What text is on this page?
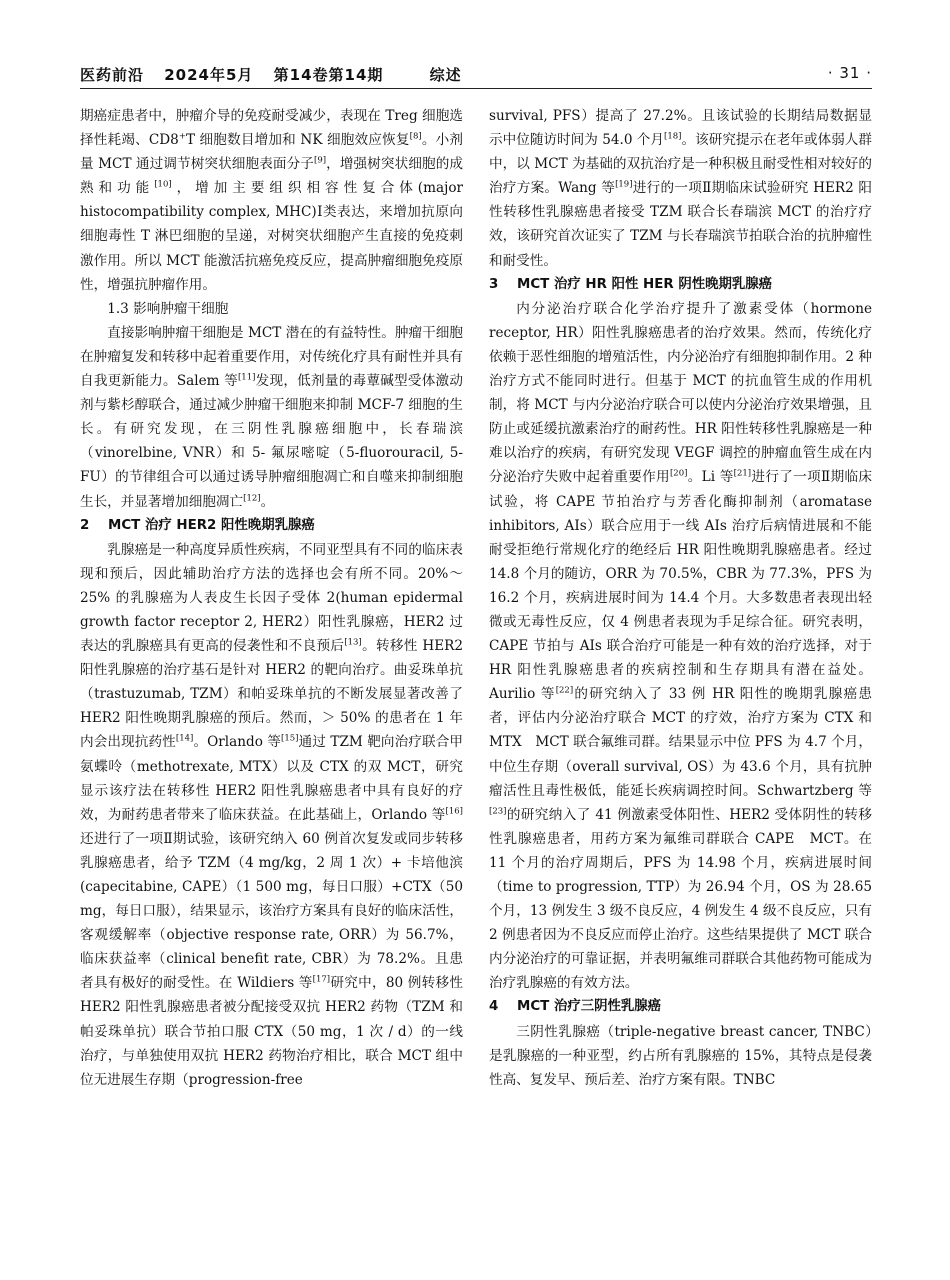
医药前沿 2024年5月 第14卷第14期	综述	· 31 ·

期癌症患者中，肿瘤介导的免疫耐受减少，表现在 Treg 细胞选择性耗竭、CD8+T 细胞数目增加和 NK 细胞效应恢复[8]。小剂量 MCT 通过调节树突状细胞表面分子[9]，增强树突状细胞的成熟和功能[10]，增加主要组织相容性复合体(major histocompatibility complex, MHC)Ⅰ类表达，来增加抗原向细胞毒性 T 淋巴细胞的呈递，对树突状细胞产生直接的免疫刺激作用。所以 MCT 能激活抗癌免疫反应，提高肿瘤细胞免疫原性，增强抗肿瘤作用。

1.3 影响肿瘤干细胞

直接影响肿瘤干细胞是 MCT 潜在的有益特性。肿瘤干细胞在肿瘤复发和转移中起着重要作用，对传统化疗具有耐性并具有自我更新能力。Salem 等[11]发现，低剂量的毒蕈碱型受体激动剂与紫杉醇联合，通过减少肿瘤干细胞来抑制 MCF-7 细胞的生长。有研究发现，在三阴性乳腺癌细胞中，长春瑞滨（vinorelbine, VNR）和 5- 氟尿嘧啶（5-fluorouracil, 5-FU）的节律组合可以通过诱导肿瘤细胞凋亡和自噬来抑制细胞生长，并显著增加细胞凋亡[12]。

2 MCT 治疗 HER2 阳性晚期乳腺癌

乳腺癌是一种高度异质性疾病，不同亚型具有不同的临床表现和预后，因此辅助治疗方法的选择也会有所不同。20%～25% 的乳腺癌为人表皮生长因子受体 2(human epidermal growth factor receptor 2, HER2）阳性乳腺癌，HER2 过表达的乳腺癌具有更高的侵袭性和不良预后[13]。转移性 HER2 阳性乳腺癌的治疗基石是针对 HER2 的靶向治疗。曲妥珠单抗（trastuzumab, TZM）和帕妥珠单抗的不断发展显著改善了 HER2 阳性晚期乳腺癌的预后。然而，＞ 50% 的患者在 1 年内会出现抗药性[14]。Orlando 等[15]通过 TZM 靶向治疗联合甲氨蝶呤（methotrexate, MTX）以及 CTX 的双 MCT，研究显示该疗法在转移性 HER2 阳性乳腺癌患者中具有良好的疗效，为耐药患者带来了临床获益。在此基础上，Orlando 等[16]还进行了一项Ⅱ期试验，该研究纳入 60 例首次复发或同步转移乳腺癌患者，给予 TZM（4 mg/kg，2 周 1 次）+ 卡培他滨(capecitabine, CAPE）（1 500 mg，每日口服）+CTX（50 mg，每日口服），结果显示，该治疗方案具有良好的临床活性，客观缓解率（objective response rate, ORR）为 56.7%，临床获益率（clinical benefit rate, CBR）为 78.2%。且患者具有极好的耐受性。在 Wildiers 等[17]研究中，80 例转移性 HER2 阳性乳腺癌患者被分配接受双抗 HER2 药物（TZM 和帕妥珠单抗）联合节拍口服 CTX（50 mg，1 次 / d）的一线治疗，与单独使用双抗 HER2 药物治疗相比，联合 MCT 组中位无进展生存期（progression-free

survival, PFS）提高了 27.2%。且该试验的长期结局数据显示中位随访时间为 54.0 个月[18]。该研究提示在老年或体弱人群中，以 MCT 为基础的双抗治疗是一种积极且耐受性相对较好的治疗方案。Wang 等[19]进行的一项Ⅱ期临床试验研究 HER2 阳性转移性乳腺癌患者接受 TZM 联合长春瑞滨 MCT 的治疗疗效，该研究首次证实了 TZM 与长春瑞滨节拍联合治的抗肿瘤性和耐受性。

3 MCT 治疗 HR 阳性 HER 阴性晚期乳腺癌

内分泌治疗联合化学治疗提升了激素受体（hormone receptor, HR）阳性乳腺癌患者的治疗效果。然而，传统化疗依赖于恶性细胞的增殖活性，内分泌治疗有细胞抑制作用。2 种治疗方式不能同时进行。但基于 MCT 的抗血管生成的作用机制，将 MCT 与内分泌治疗联合可以使内分泌治疗效果增强，且防止或延缓抗激素治疗的耐药性。HR 阳性转移性乳腺癌是一种难以治疗的疾病，有研究发现 VEGF 调控的肿瘤血管生成在内分泌治疗失败中起着重要作用[20]。Li 等[21]进行了一项Ⅱ期临床试验，将 CAPE 节拍治疗与芳香化酶抑制剂（aromatase inhibitors, AIs）联合应用于一线 AIs 治疗后病情进展和不能耐受拒绝行常规化疗的绝经后 HR 阳性晚期乳腺癌患者。经过 14.8 个月的随访，ORR 为 70.5%，CBR 为 77.3%，PFS 为 16.2 个月，疾病进展时间为 14.4 个月。大多数患者表现出轻微或无毒性反应，仅 4 例患者表现为手足综合征。研究表明，CAPE 节拍与 AIs 联合治疗可能是一种有效的治疗选择，对于 HR 阳性乳腺癌患者的疾病控制和生存期具有潜在益处。Aurilio 等[22]的研究纳入了 33 例 HR 阳性的晚期乳腺癌患者，评估内分泌治疗联合 MCT 的疗效，治疗方案为 CTX 和 MTX　MCT 联合氟维司群。结果显示中位 PFS 为 4.7 个月，中位生存期（overall survival, OS）为 43.6 个月，具有抗肿瘤活性且毒性极低，能延长疾病调控时间。Schwartzberg 等[23]的研究纳入了 41 例激素受体阳性、HER2 受体阴性的转移性乳腺癌患者，用药方案为氟维司群联合 CAPE　MCT。在 11 个月的治疗周期后，PFS 为 14.98 个月，疾病进展时间（time to progression, TTP）为 26.94 个月，OS 为 28.65 个月，13 例发生 3 级不良反应，4 例发生 4 级不良反应，只有 2 例患者因为不良反应而停止治疗。这些结果提供了 MCT 联合内分泌治疗的可靠证据，并表明氟维司群联合其他药物可能成为治疗乳腺癌的有效方法。

4 MCT 治疗三阴性乳腺癌

三阴性乳腺癌（triple-negative breast cancer, TNBC）是乳腺癌的一种亚型，约占所有乳腺癌的 15%，其特点是侵袭性高、复发早、预后差、治疗方案有限。TNBC
